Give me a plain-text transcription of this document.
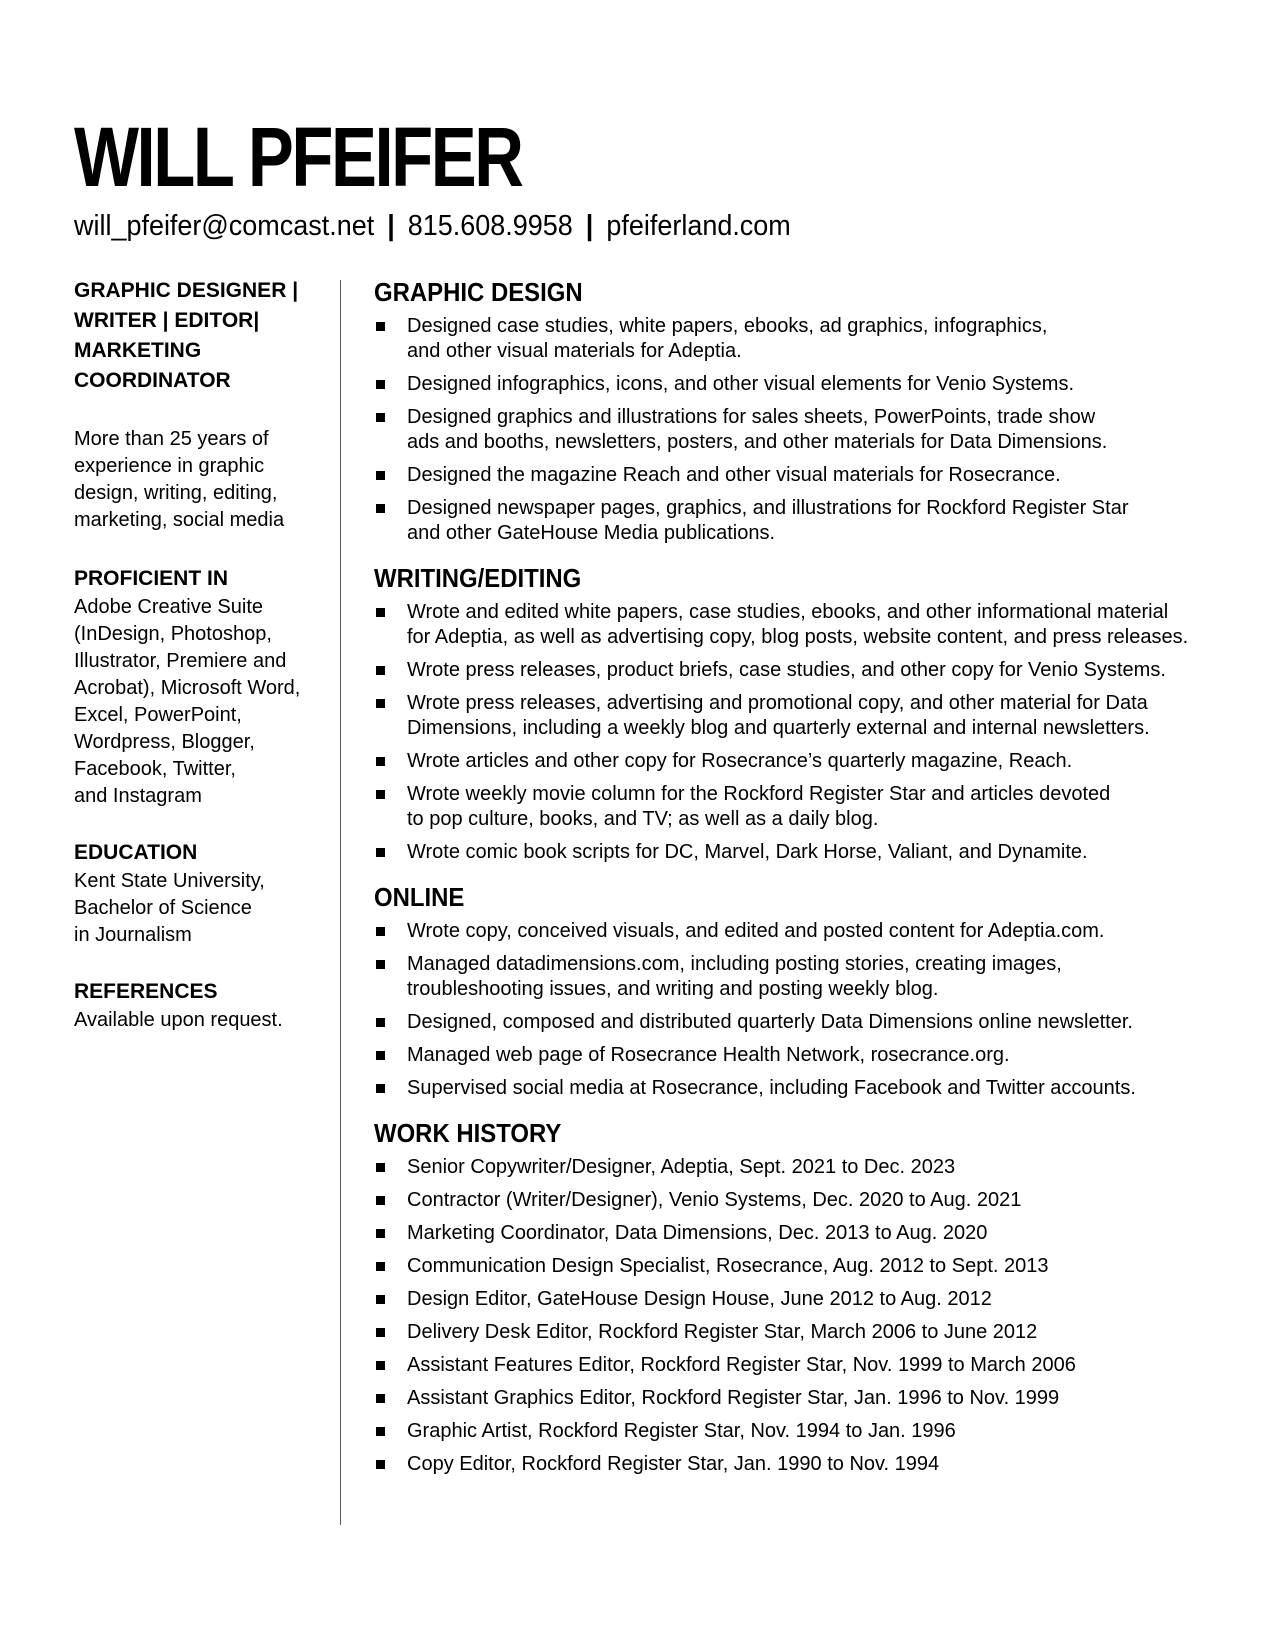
WILL PFEIFER
will_pfeifer@comcast.net | 815.608.9958 | pfeiferland.com

GRAPHIC DESIGNER |

WRITER | EDITOR|

MARKETING

COORDINATOR

More than 25 years of

experience in graphic

design, writing, editing,

marketing, social media

PROFICIENT IN

Adobe Creative Suite

(InDesign, Photoshop,

Illustrator, Premiere and

Acrobat), Microsoft Word,

Excel, PowerPoint,

Wordpress, Blogger,

Facebook, Twitter,

and Instagram

EDUCATION

Kent State University,

Bachelor of Science

in Journalism

REFERENCES

Available upon request.

GRAPHIC DESIGN
Designed case studies, white papers, ebooks, ad graphics, infographics,
and other visual materials for Adeptia.
Designed infographics, icons, and other visual elements for Venio Systems.
Designed graphics and illustrations for sales sheets, PowerPoints, trade show
ads and booths, newsletters, posters, and other materials for Data Dimensions.
Designed the magazine Reach and other visual materials for Rosecrance.
Designed newspaper pages, graphics, and illustrations for Rockford Register Star
and other GateHouse Media publications.
WRITING/EDITING
Wrote and edited white papers, case studies, ebooks, and other informational material
for Adeptia, as well as advertising copy, blog posts, website content, and press releases.
Wrote press releases, product briefs, case studies, and other copy for Venio Systems.
Wrote press releases, advertising and promotional copy, and other material for Data
Dimensions, including a weekly blog and quarterly external and internal newsletters.
Wrote articles and other copy for Rosecrance’s quarterly magazine, Reach.
Wrote weekly movie column for the Rockford Register Star and articles devoted
to pop culture, books, and TV; as well as a daily blog.
Wrote comic book scripts for DC, Marvel, Dark Horse, Valiant, and Dynamite.
ONLINE
Wrote copy, conceived visuals, and edited and posted content for Adeptia.com.
Managed datadimensions.com, including posting stories, creating images,
troubleshooting issues, and writing and posting weekly blog.
Designed, composed and distributed quarterly Data Dimensions online newsletter.
Managed web page of Rosecrance Health Network, rosecrance.org.
Supervised social media at Rosecrance, including Facebook and Twitter accounts.
WORK HISTORY
Senior Copywriter/Designer, Adeptia, Sept. 2021 to Dec. 2023
Contractor (Writer/Designer), Venio Systems, Dec. 2020 to Aug. 2021
Marketing Coordinator, Data Dimensions, Dec. 2013 to Aug. 2020
Communication Design Specialist, Rosecrance, Aug. 2012 to Sept. 2013
Design Editor, GateHouse Design House, June 2012 to Aug. 2012
Delivery Desk Editor, Rockford Register Star, March 2006 to June 2012
Assistant Features Editor, Rockford Register Star, Nov. 1999 to March 2006
Assistant Graphics Editor, Rockford Register Star, Jan. 1996 to Nov. 1999
Graphic Artist, Rockford Register Star, Nov. 1994 to Jan. 1996
Copy Editor, Rockford Register Star, Jan. 1990 to Nov. 1994
